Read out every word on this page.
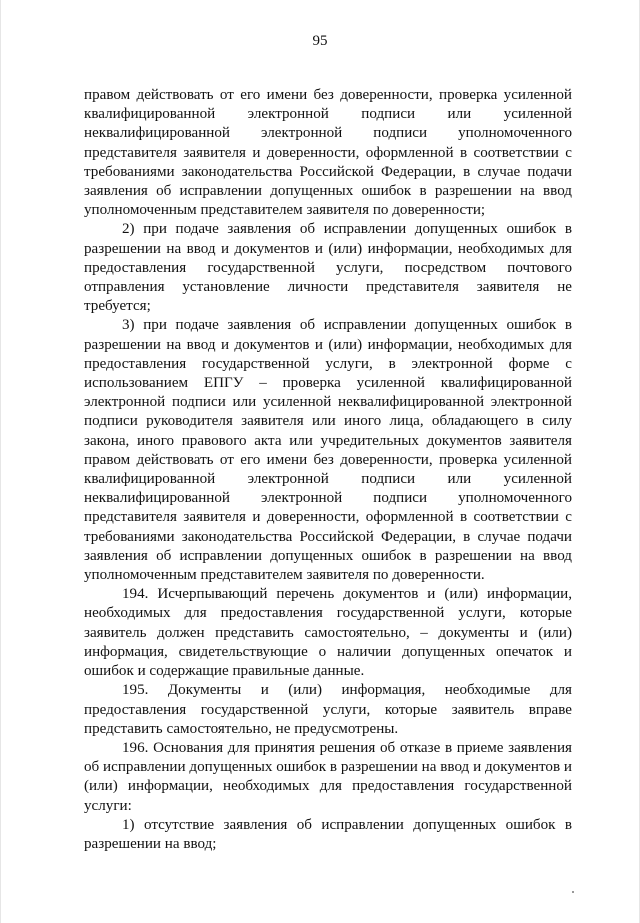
95

правом действовать от его имени без доверенности, проверка усиленной квалифицированной электронной подписи или усиленной неквалифицированной электронной подписи уполномоченного представителя заявителя и доверенности, оформленной в соответствии с требованиями законодательства Российской Федерации, в случае подачи заявления об исправлении допущенных ошибок в разрешении на ввод уполномоченным представителем заявителя по доверенности;

2) при подаче заявления об исправлении допущенных ошибок в разрешении на ввод и документов и (или) информации, необходимых для предоставления государственной услуги, посредством почтового отправления установление личности представителя заявителя не требуется;

3) при подаче заявления об исправлении допущенных ошибок в разрешении на ввод и документов и (или) информации, необходимых для предоставления государственной услуги, в электронной форме с использованием ЕПГУ – проверка усиленной квалифицированной электронной подписи или усиленной неквалифицированной электронной подписи руководителя заявителя или иного лица, обладающего в силу закона, иного правового акта или учредительных документов заявителя правом действовать от его имени без доверенности, проверка усиленной квалифицированной электронной подписи или усиленной неквалифицированной электронной подписи уполномоченного представителя заявителя и доверенности, оформленной в соответствии с требованиями законодательства Российской Федерации, в случае подачи заявления об исправлении допущенных ошибок в разрешении на ввод уполномоченным представителем заявителя по доверенности.

194. Исчерпывающий перечень документов и (или) информации, необходимых для предоставления государственной услуги, которые заявитель должен представить самостоятельно, – документы и (или) информация, свидетельствующие о наличии допущенных опечаток и ошибок и содержащие правильные данные.

195. Документы и (или) информация, необходимые для предоставления государственной услуги, которые заявитель вправе представить самостоятельно, не предусмотрены.

196. Основания для принятия решения об отказе в приеме заявления об исправлении допущенных ошибок в разрешении на ввод и документов и (или) информации, необходимых для предоставления государственной услуги:

1) отсутствие заявления об исправлении допущенных ошибок в разрешении на ввод;
